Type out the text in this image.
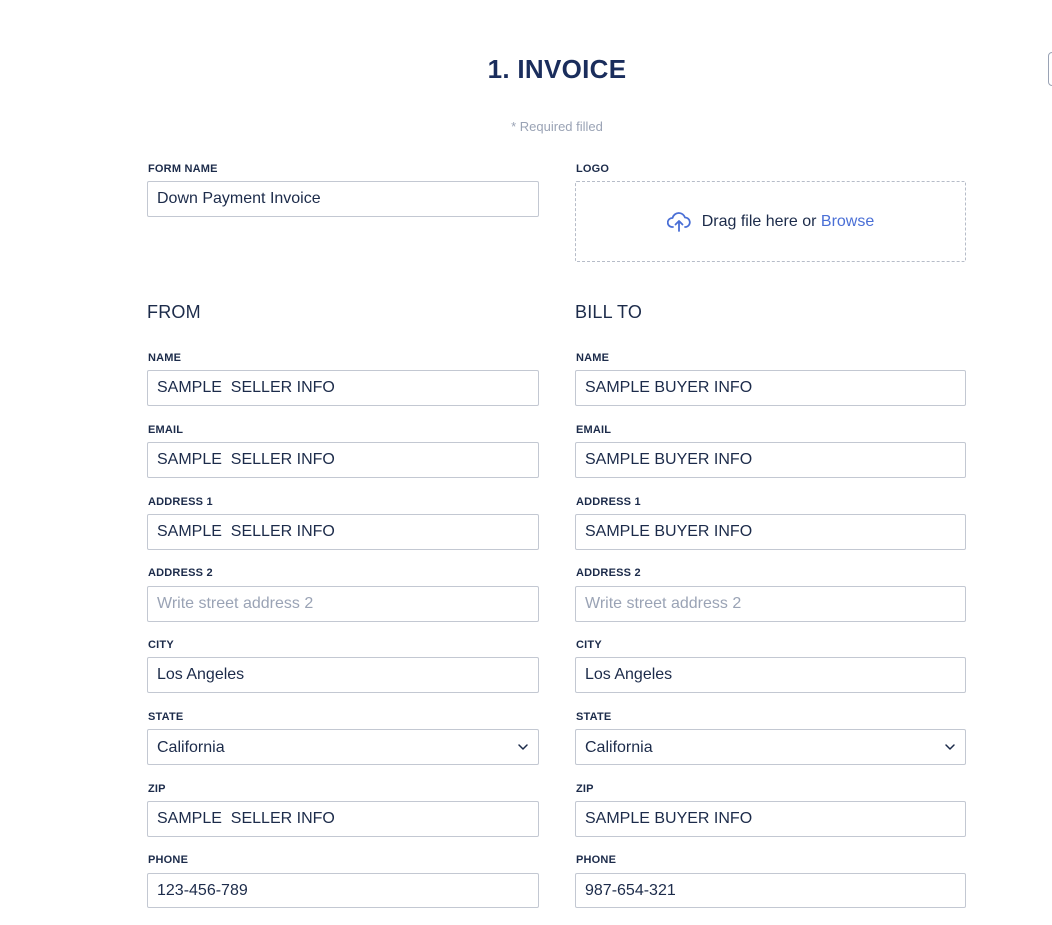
1. INVOICE
* Required filled
FORM NAME
Down Payment Invoice	LOGO
Drag file here or Browse
FROM	BILL TO
NAME
SAMPLE SELLER INFO
EMAIL
SAMPLE SELLER INFO
ADDRESS 1
SAMPLE SELLER INFO
ADDRESS 2
Write street address 2
CITY
Los Angeles
STATE
California
ZIP
SAMPLE SELLER INFO
PHONE
123-456-789
NAME
SAMPLE BUYER INFO
EMAIL
SAMPLE BUYER INFO
ADDRESS 1
SAMPLE BUYER INFO
ADDRESS 2
Write street address 2
CITY
Los Angeles
STATE
California
ZIP
SAMPLE BUYER INFO
PHONE
987-654-321
